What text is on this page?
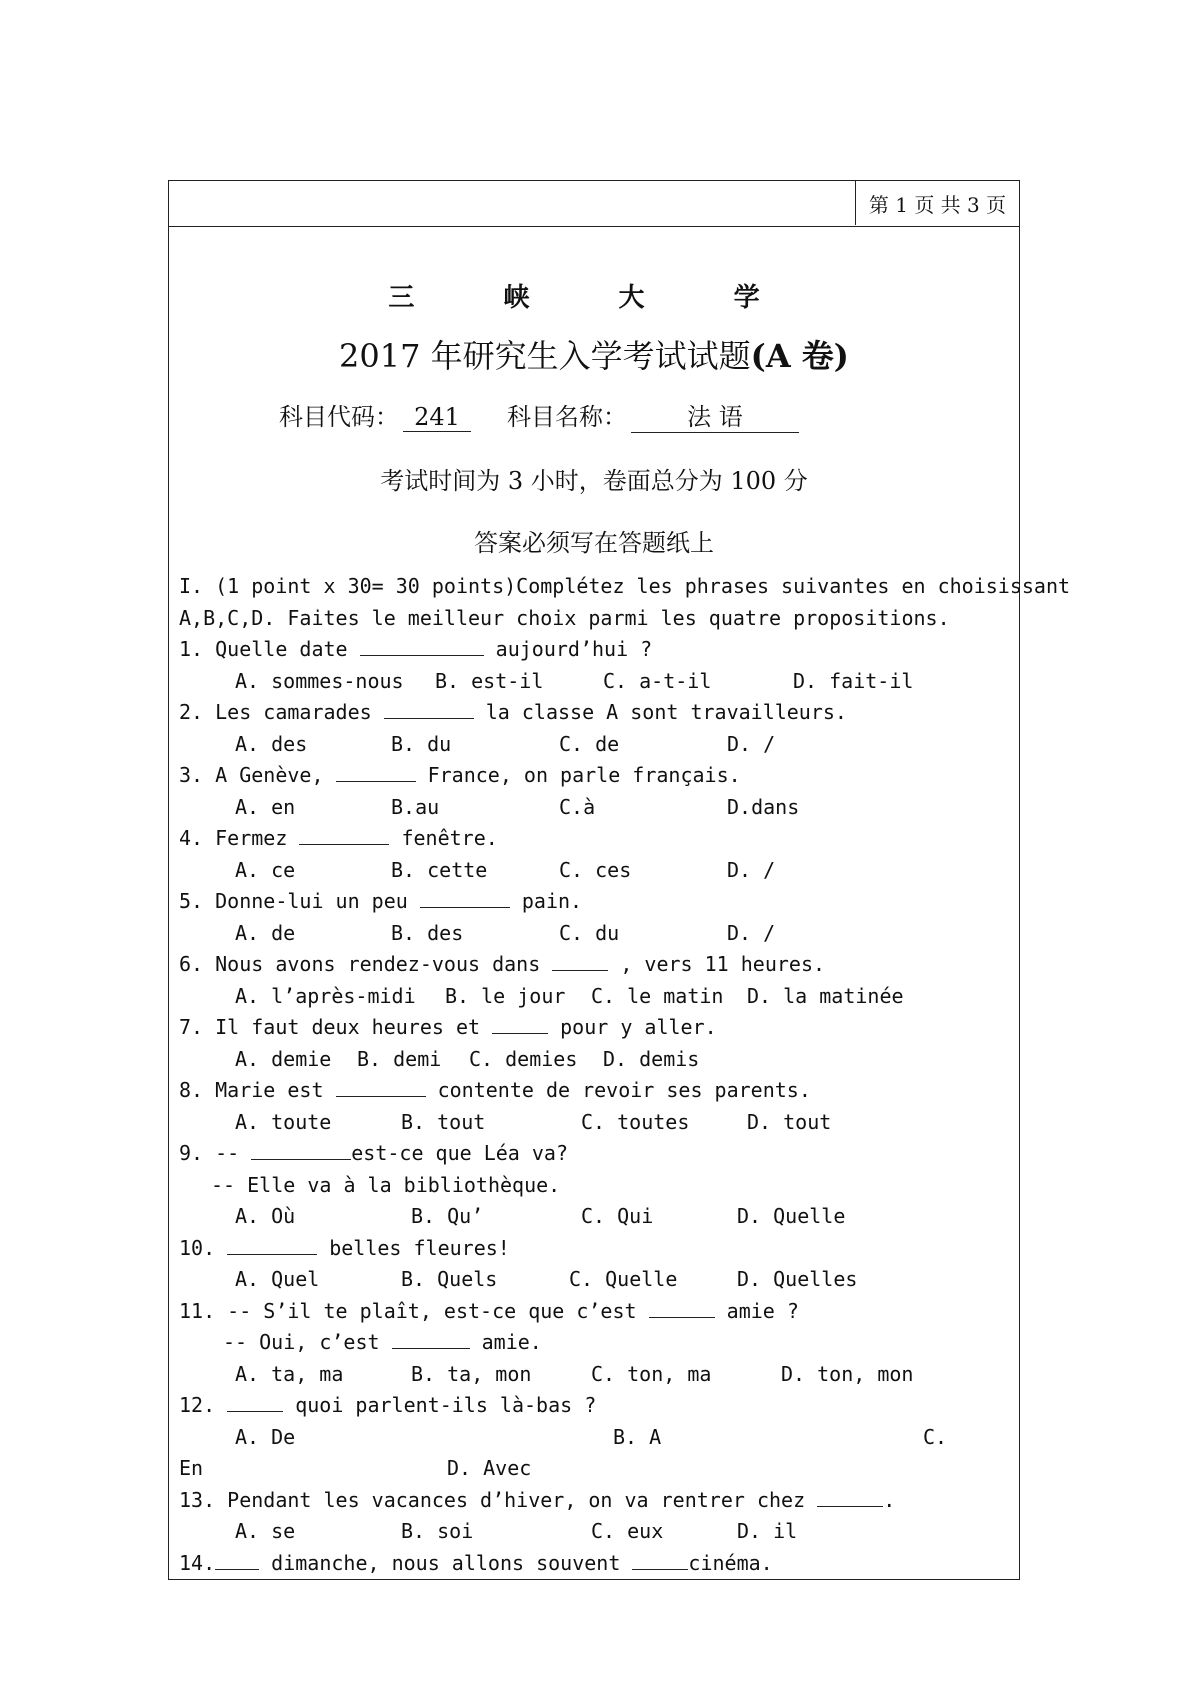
第 1 页 共 3 页
三 峡 大 学
2017 年研究生入学考试试题(A 卷)
科目代码： 241 科目名称：	法 语
考试时间为 3 小时，卷面总分为 100 分
答案必须写在答题纸上
I. (1 point x 30= 30 points)Complétez les phrases suivantes en choisissant
A,B,C,D. Faites le meilleur choix parmi les quatre propositions.
1. Quelle date	aujourd’hui ?
A. sommes-nous B. est-il	C. a-t-il	D. fait-il
2. Les camarades	la classe A sont travailleurs.
A. des	B. du	C. de	D. /
3. A Genève,	France, on parle français.
A. en	B.au	C.à	D.dans
4. Fermez	fenêtre.
A. ce	B. cette	C. ces	D. /
5. Donne-lui un peu	pain.
A. de	B. des	C. du	D. /
6. Nous avons rendez-vous dans	, vers 11 heures.
A. l’après-midi B. le jour C. le matin D. la matinée
7. Il faut deux heures et	pour y aller.
A. demie B. demi C. demies D. demis
8. Marie est	contente de revoir ses parents.
A. toute	B. tout	C. toutes	D. tout
9. --	est-ce que Léa va?
-- Elle va à la bibliothèque.
A. Où	B. Qu’	C. Qui	D. Quelle
10.	belles fleures!
A. Quel	B. Quels	C. Quelle	D. Quelles
11. -- S’il te plaît, est-ce que c’est	amie ?
-- Oui, c’est	amie.
A. ta, ma	B. ta, mon	C. ton, ma	D. ton, mon
12.	quoi parlent-ils là-bas ?
A. De	B. A	C.
En	D. Avec
13. Pendant les vacances d’hiver, on va rentrer chez	.
A. se	B. soi	C. eux	D. il
14. dimanche, nous allons souvent	cinéma.
